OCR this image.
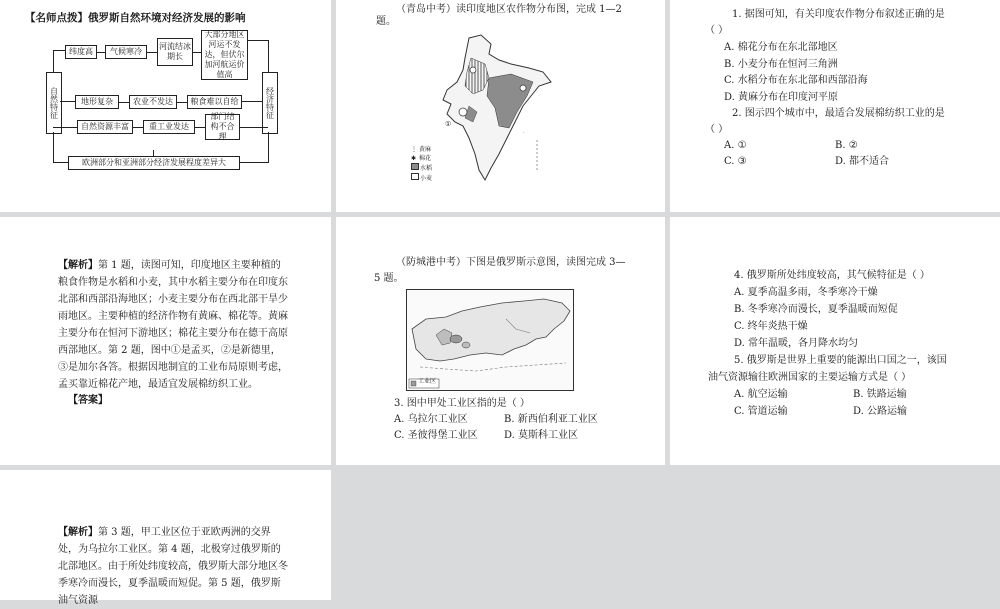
【名师点拨】俄罗斯自然环境对经济发展的影响
自然特征	经济特征
纬度高	气候寒冷
河流结冰期长
大部分地区河运不发达，但伏尔加河航运价值高
地形复杂	农业不发达	粮食难以自给
自然资源丰富	重工业发达
部门结构不合理
欧洲部分和亚洲部分经济发展程度差异大
（青岛中考）读印度地区农作物分布图，完成 1—2
题。
①
·
⋮ 黄麻
✱ 棉花
水稻
小麦
1. 据图可知，有关印度农作物分布叙述正确的是
（ ）
A. 棉花分布在东北部地区
B. 小麦分布在恒河三角洲
C. 水稻分布在东北部和西部沿海
D. 黄麻分布在印度河平原
2. 图示四个城市中，最适合发展棉纺织工业的是
（ ）
A. ①	B. ②
C. ③	D. 都不适合
【解析】第 1 题，读图可知，印度地区主要种植的粮食作物是水稻和小麦，其中水稻主要分布在印度东北部和西部沿海地区；小麦主要分布在西北部干旱少雨地区。主要种植的经济作物有黄麻、棉花等。黄麻主要分布在恒河下游地区；棉花主要分布在德干高原西部地区。第 2 题，图中①是孟买，②是新德里，③是加尔各答。根据因地制宜的工业布局原则考虑，孟买靠近棉花产地，最适宜发展棉纺织工业。
【答案】
（防城港中考）下图是俄罗斯示意图，读图完成 3—
5 题。
工业区
3. 图中甲处工业区指的是（ ）
A. 乌拉尔工业区	B. 新西伯利亚工业区
C. 圣彼得堡工业区	D. 莫斯科工业区
4. 俄罗斯所处纬度较高，其气候特征是（ ）
A. 夏季高温多雨，冬季寒冷干燥
B. 冬季寒冷而漫长，夏季温暖而短促
C. 终年炎热干燥
D. 常年温暖，各月降水均匀
5. 俄罗斯是世界上重要的能源出口国之一，该国
油气资源输往欧洲国家的主要运输方式是（ ）
A. 航空运输	B. 铁路运输
C. 管道运输	D. 公路运输
【解析】第 3 题，甲工业区位于亚欧两洲的交界处，为乌拉尔工业区。第 4 题，北极穿过俄罗斯的北部地区。由于所处纬度较高，俄罗斯大部分地区冬季寒冷而漫长，夏季温暖而短促。第 5 题，俄罗斯油气资源
